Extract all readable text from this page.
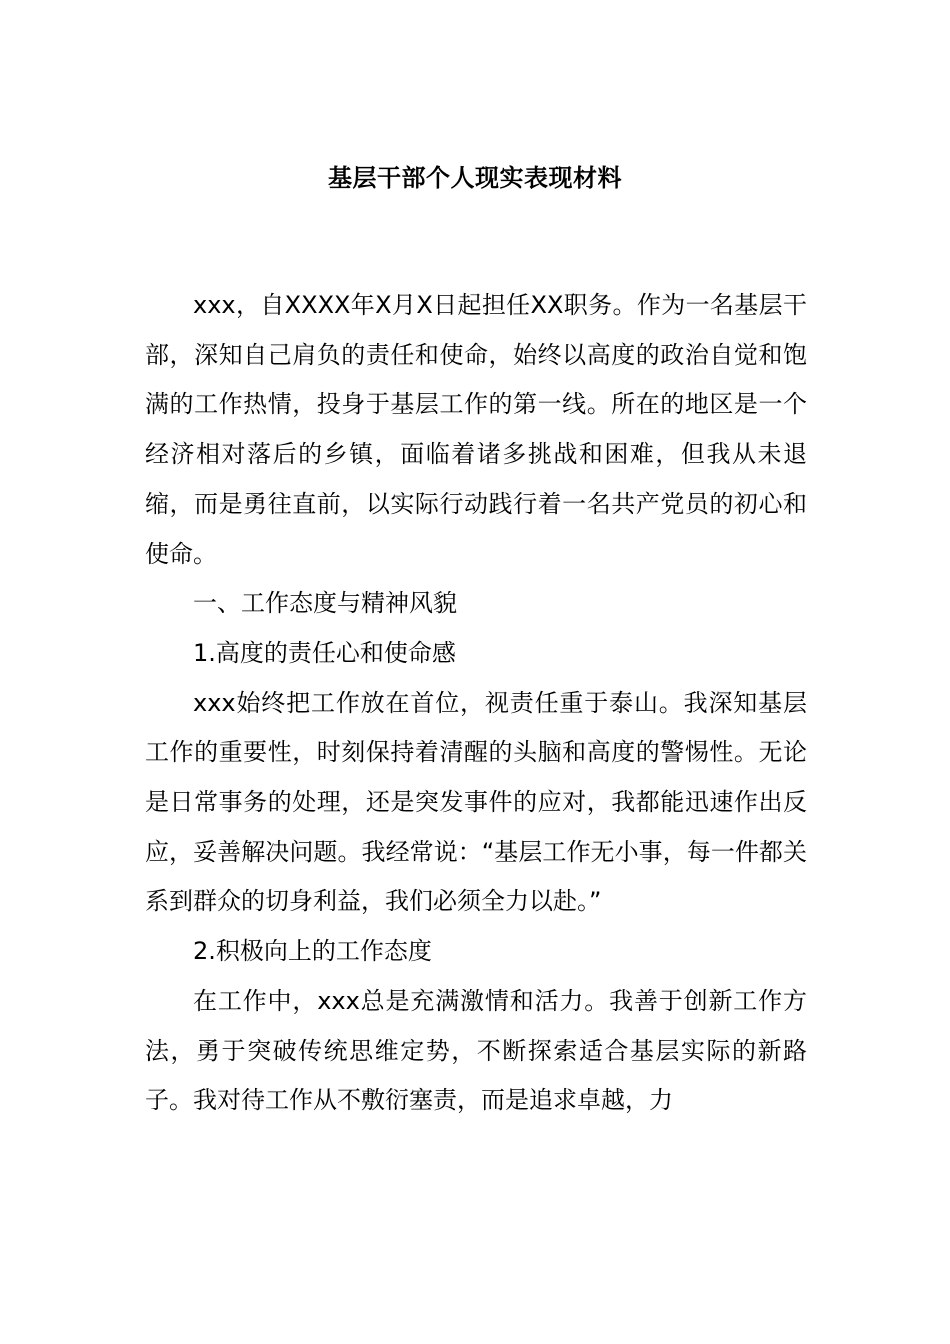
基层干部个人现实表现材料

xxx，自XXXX年X月X日起担任XX职务。作为一名基层干部，深知自己肩负的责任和使命，始终以高度的政治自觉和饱满的工作热情，投身于基层工作的第一线。所在的地区是一个经济相对落后的乡镇，面临着诸多挑战和困难，但我从未退缩，而是勇往直前，以实际行动践行着一名共产党员的初心和使命。

一、工作态度与精神风貌

1.高度的责任心和使命感

xxx始终把工作放在首位，视责任重于泰山。我深知基层工作的重要性，时刻保持着清醒的头脑和高度的警惕性。无论是日常事务的处理，还是突发事件的应对，我都能迅速作出反应，妥善解决问题。我经常说：“基层工作无小事，每一件都关系到群众的切身利益，我们必须全力以赴。”

2.积极向上的工作态度

在工作中，xxx总是充满激情和活力。我善于创新工作方法，勇于突破传统思维定势，不断探索适合基层实际的新路子。我对待工作从不敷衍塞责，而是追求卓越，力
